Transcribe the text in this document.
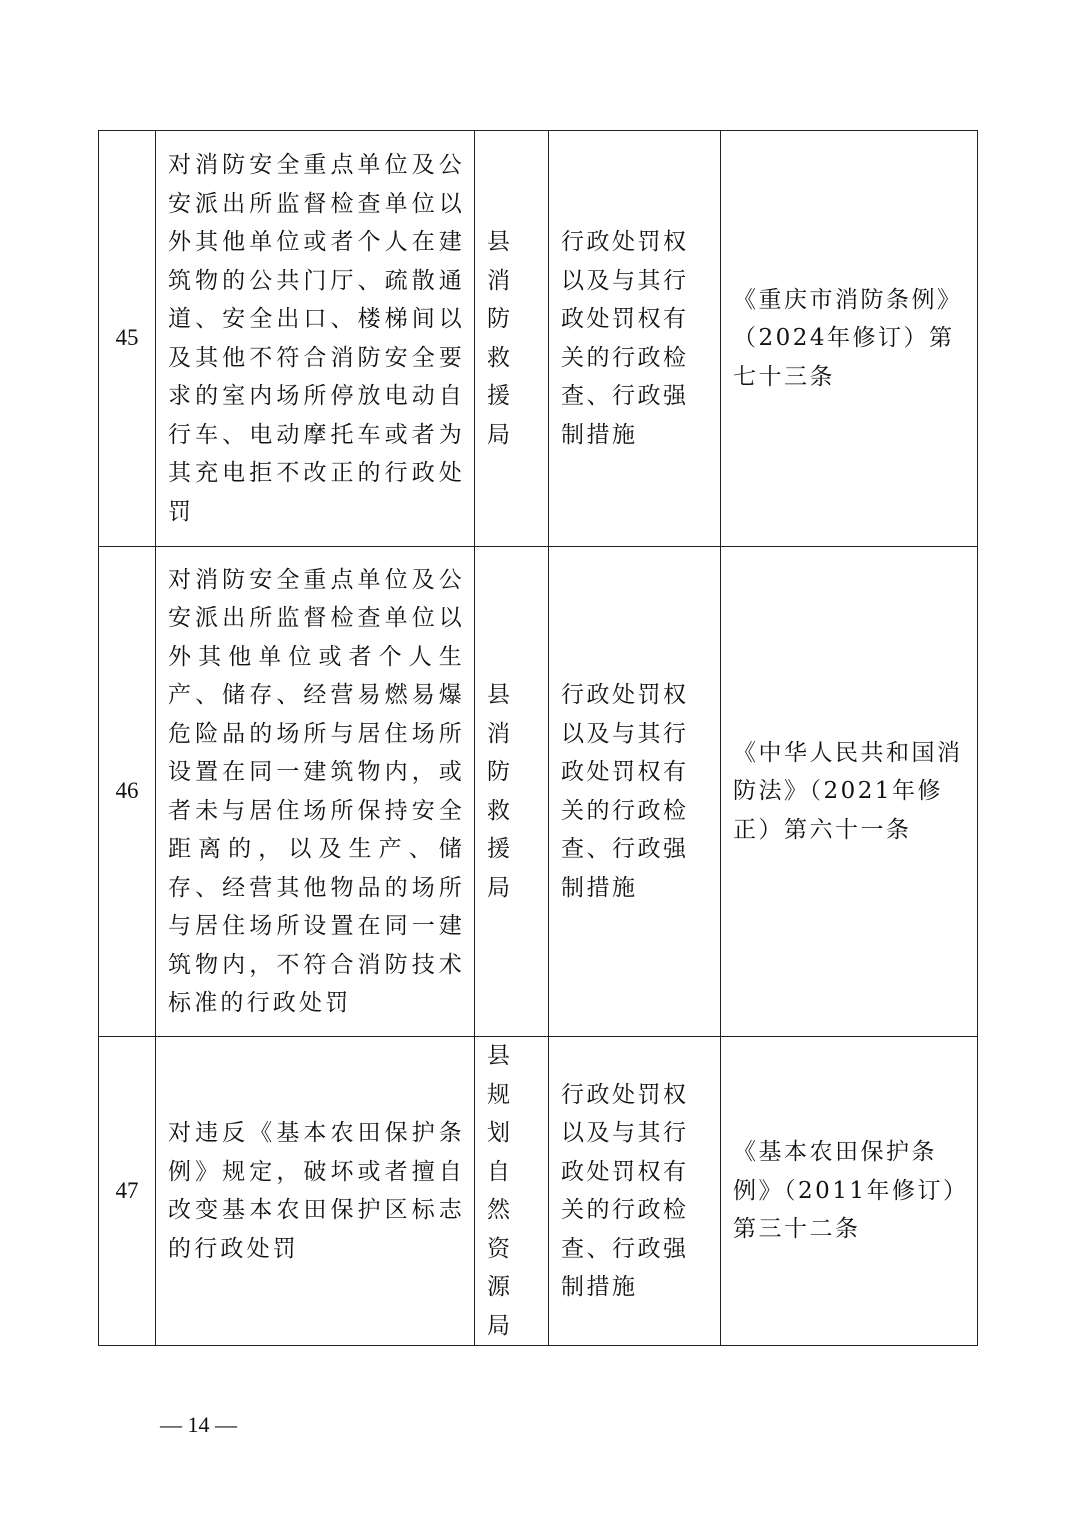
45	对消防安全重点单位及公安派出所监督检查单位以外其他单位或者个人在建筑物的公共门厅、疏散通道、安全出口、楼梯间以及其他不符合消防安全要求的室内场所停放电动自行车、电动摩托车或者为其充电拒不改正的行政处罚	县消防救援局	行政处罚权以及与其行政处罚权有关的行政检查、行政强制措施	《重庆市消防条例》（2024年修订）第七十三条
46	对消防安全重点单位及公安派出所监督检查单位以外其他单位或者个人生产、储存、经营易燃易爆危险品的场所与居住场所设置在同一建筑物内，或者未与居住场所保持安全距离的，以及生产、储存、经营其他物品的场所与居住场所设置在同一建筑物内，不符合消防技术标准的行政处罚	县消防救援局	行政处罚权以及与其行政处罚权有关的行政检查、行政强制措施	《中华人民共和国消防法》（2021年修正）第六十一条
47	对违反《基本农田保护条例》规定，破坏或者擅自改变基本农田保护区标志的行政处罚	县规划自然资源局	行政处罚权以及与其行政处罚权有关的行政检查、行政强制措施	《基本农田保护条例》（2011年修订）第三十二条
— 14 —
